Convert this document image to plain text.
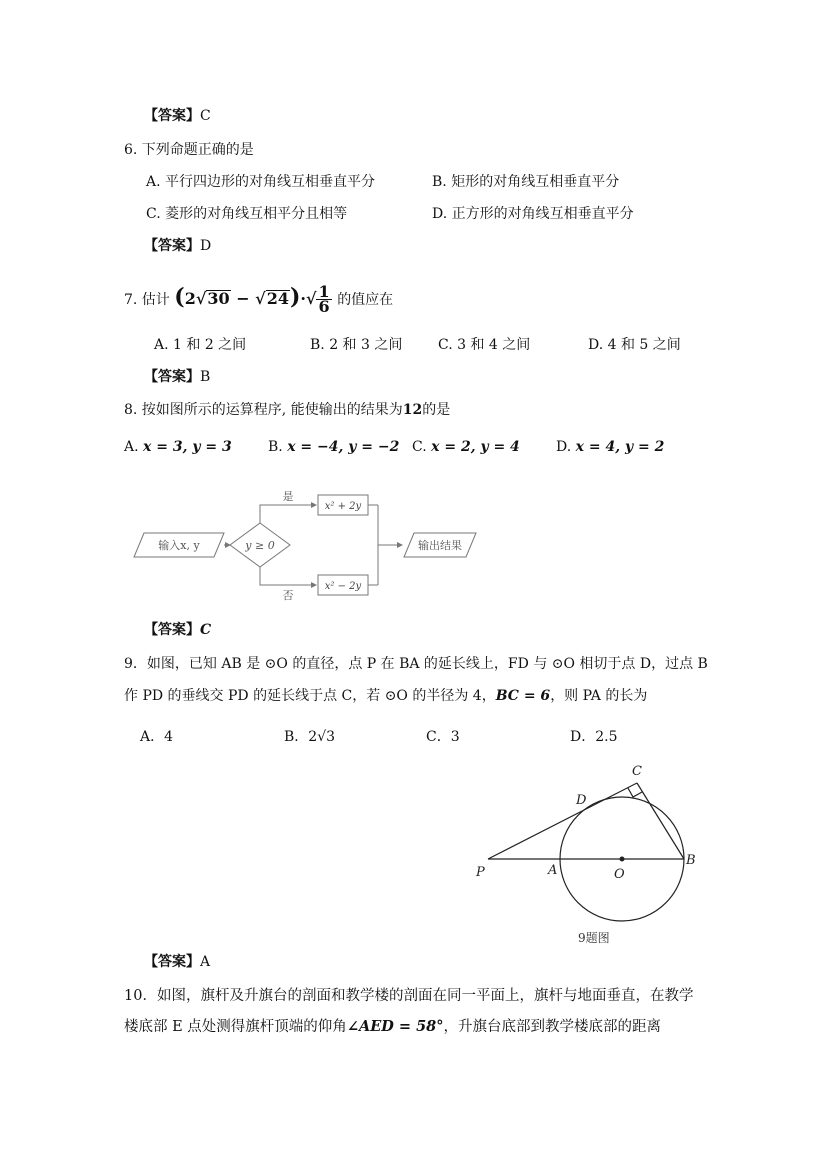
【答案】C
6. 下列命题正确的是
A. 平行四边形的对角线互相垂直平分	B. 矩形的对角线互相垂直平分
C. 菱形的对角线互相平分且相等	D. 正方形的对角线互相垂直平分
【答案】D
7. 估计 $(2√30 - √24)\cdot√ \frac{1}{6}$ 的值应在
A. 1 和 2 之间	B. 2 和 3 之间	C. 3 和 4 之间	D. 4 和 5 之间
【答案】B
8. 按如图所示的运算程序, 能使输出的结果为12的是
A. x = 3, y = 3	B. x = −4, y = −2 C. x = 2, y = 4	D. x = 4, y = 2
输入x, y	y ≥ 0
是
否
x² + 2y
x² − 2y
输出结果
【答案】C
9．如图，已知 AB 是 ⊙O 的直径，点 P 在 BA 的延长线上，FD 与 ⊙O 相切于点 D，过点 B
作 PD 的垂线交 PD 的延长线于点 C，若 ⊙O 的半径为 4，BC = 6，则 PA 的长为
A．4	B．2√3	C．3	D．2.5
C
D
P	A	O
B
9题图
【答案】A
10．如图，旗杆及升旗台的剖面和教学楼的剖面在同一平面上，旗杆与地面垂直，在教学
楼底部 E 点处测得旗杆顶端的仰角∠AED = 58°，升旗台底部到教学楼底部的距离
